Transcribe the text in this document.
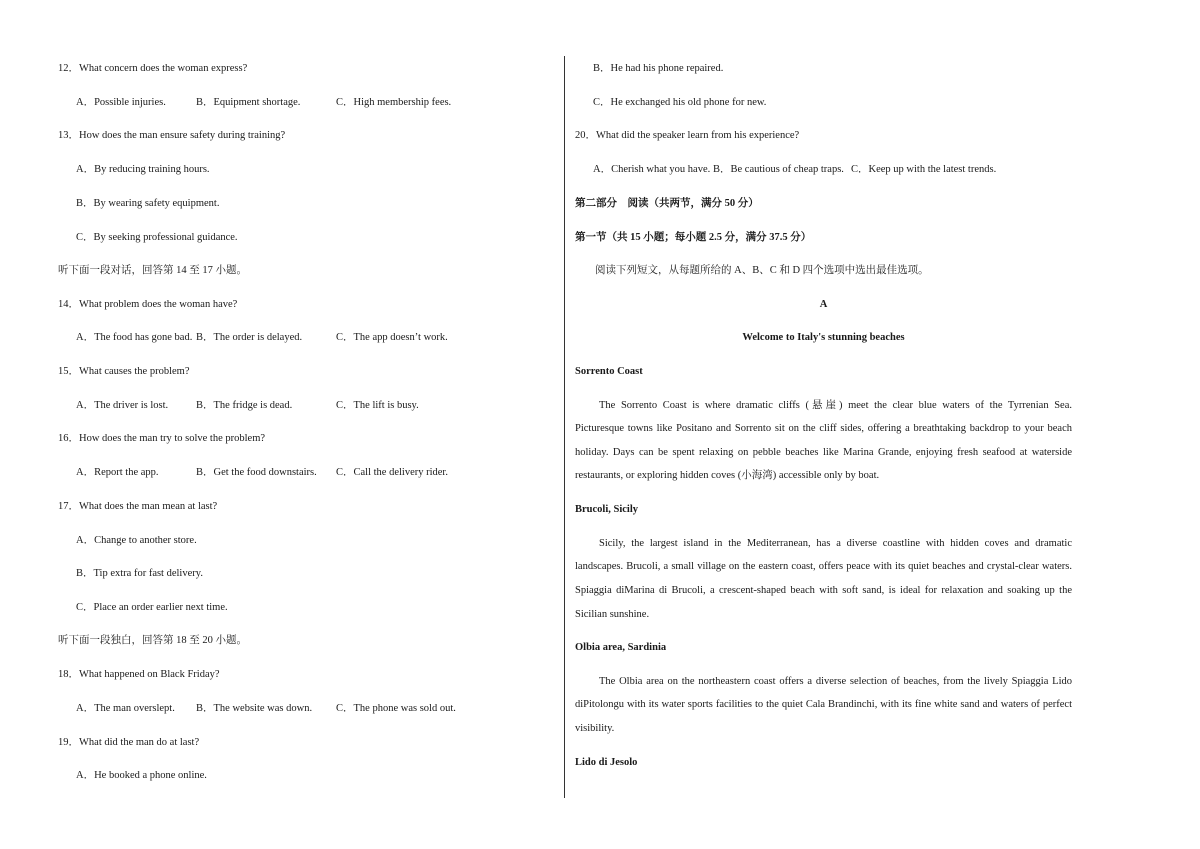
12．What concern does the woman express?
A．Possible injuries.	B．Equipment shortage.	C．High membership fees.
13．How does the man ensure safety during training?
A．By reducing training hours.
B．By wearing safety equipment.
C．By seeking professional guidance.
听下面一段对话，回答第 14 至 17 小题。
14．What problem does the woman have?
A．The food has gone bad. B．The order is delayed.	C．The app doesn’t work.
15．What causes the problem?
A．The driver is lost.	B．The fridge is dead.	C．The lift is busy.
16．How does the man try to solve the problem?
A．Report the app.	B．Get the food downstairs. C．Call the delivery rider.
17．What does the man mean at last?
A．Change to another store.
B．Tip extra for fast delivery.
C．Place an order earlier next time.
听下面一段独白，回答第 18 至 20 小题。
18．What happened on Black Friday?
A．The man overslept. B．The website was down. C．The phone was sold out.
19．What did the man do at last?
A．He booked a phone online.
B．He had his phone repaired.
C．He exchanged his old phone for new.
20．What did the speaker learn from his experience?
A．Cherish what you have. B．Be cautious of cheap traps. C．Keep up with the latest trends.
第二部分　阅读（共两节，满分 50 分）
第一节（共 15 小题；每小题 2.5 分，满分 37.5 分）
阅读下列短文，从每题所给的 A、B、C 和 D 四个选项中选出最佳选项。
A
Welcome to Italy's stunning beaches
Sorrento Coast
The Sorrento Coast is where dramatic cliffs (悬崖) meet the clear blue waters of the Tyrrenian Sea.
Picturesque towns like Positano and Sorrento sit on the cliff sides, offering a breathtaking backdrop to your beach
holiday. Days can be spent relaxing on pebble beaches like Marina Grande, enjoying fresh seafood at waterside
restaurants, or exploring hidden coves (小海湾) accessible only by boat.
Brucoli, Sicily
Sicily, the largest island in the Mediterranean, has a diverse coastline with hidden coves and dramatic
landscapes. Brucoli, a small village on the eastern coast, offers peace with its quiet beaches and crystal-clear waters.
Spiaggia diMarina di Brucoli, a crescent-shaped beach with soft sand, is ideal for relaxation and soaking up the
Sicilian sunshine.
Olbia area, Sardinia
The Olbia area on the northeastern coast offers a diverse selection of beaches, from the lively Spiaggia Lido
diPitolongu with its water sports facilities to the quiet Cala Brandinchi, with its fine white sand and waters of perfect
visibility.
Lido di Jesolo
